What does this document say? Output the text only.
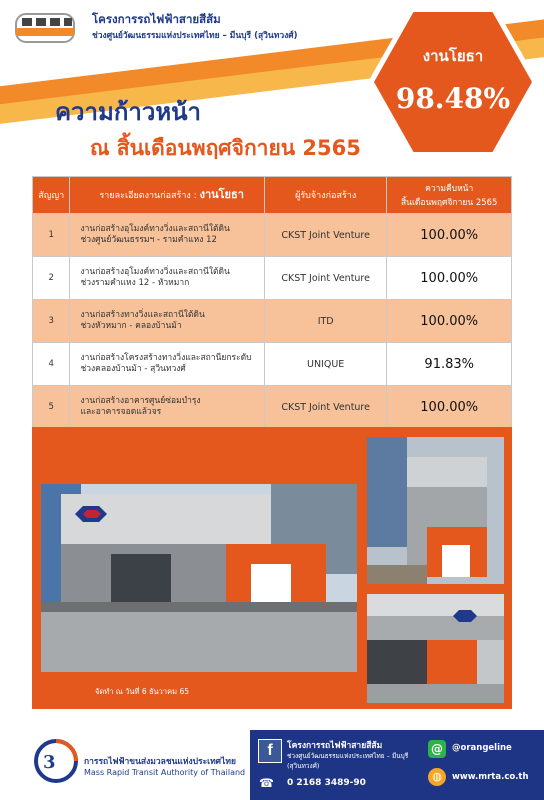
โครงการรถไฟฟ้าสายสีส้ม
ช่วงศูนย์วัฒนธรรมแห่งประเทศไทย – มีนบุรี (สุวินทวงศ์)
งานโยธา
98.48%
ความก้าวหน้า
ณ สิ้นเดือนพฤศจิกายน 2565
สัญญา	รายละเอียดงานก่อสร้าง : งานโยธา	ผู้รับจ้างก่อสร้าง	ความคืบหน้า
สิ้นเดือนพฤศจิกายน 2565

1	งานก่อสร้างอุโมงค์ทางวิ่งและสถานีใต้ดิน
ช่วงศูนย์วัฒนธรรมฯ - รามคำแหง 12	CKST Joint Venture	100.00%
2	งานก่อสร้างอุโมงค์ทางวิ่งและสถานีใต้ดิน
ช่วงรามคำแหง 12 - หัวหมาก	CKST Joint Venture	100.00%
3	งานก่อสร้างทางวิ่งและสถานีใต้ดิน
ช่วงหัวหมาก - คลองบ้านม้า	ITD	100.00%
4	งานก่อสร้างโครงสร้างทางวิ่งและสถานียกระดับ
ช่วงคลองบ้านม้า - สุวินทวงศ์	UNIQUE	91.83%
5	งานก่อสร้างอาคารศูนย์ซ่อมบำรุง
และอาคารจอดแล้วจร	CKST Joint Venture	100.00%

จัดทำ ณ วันที่ 6 ธันวาคม 65
3	การรถไฟฟ้าขนส่งมวลชนแห่งประเทศไทย
Mass Rapid Transit Authority of Thailand
f	โครงการรถไฟฟ้าสายสีส้ม
ช่วงศูนย์วัฒนธรรมแห่งประเทศไทย – มีนบุรี
(สุวินทวงศ์)
☎ 0 2168 3489-90
@	@orangeline
◍	www.mrta.co.th
